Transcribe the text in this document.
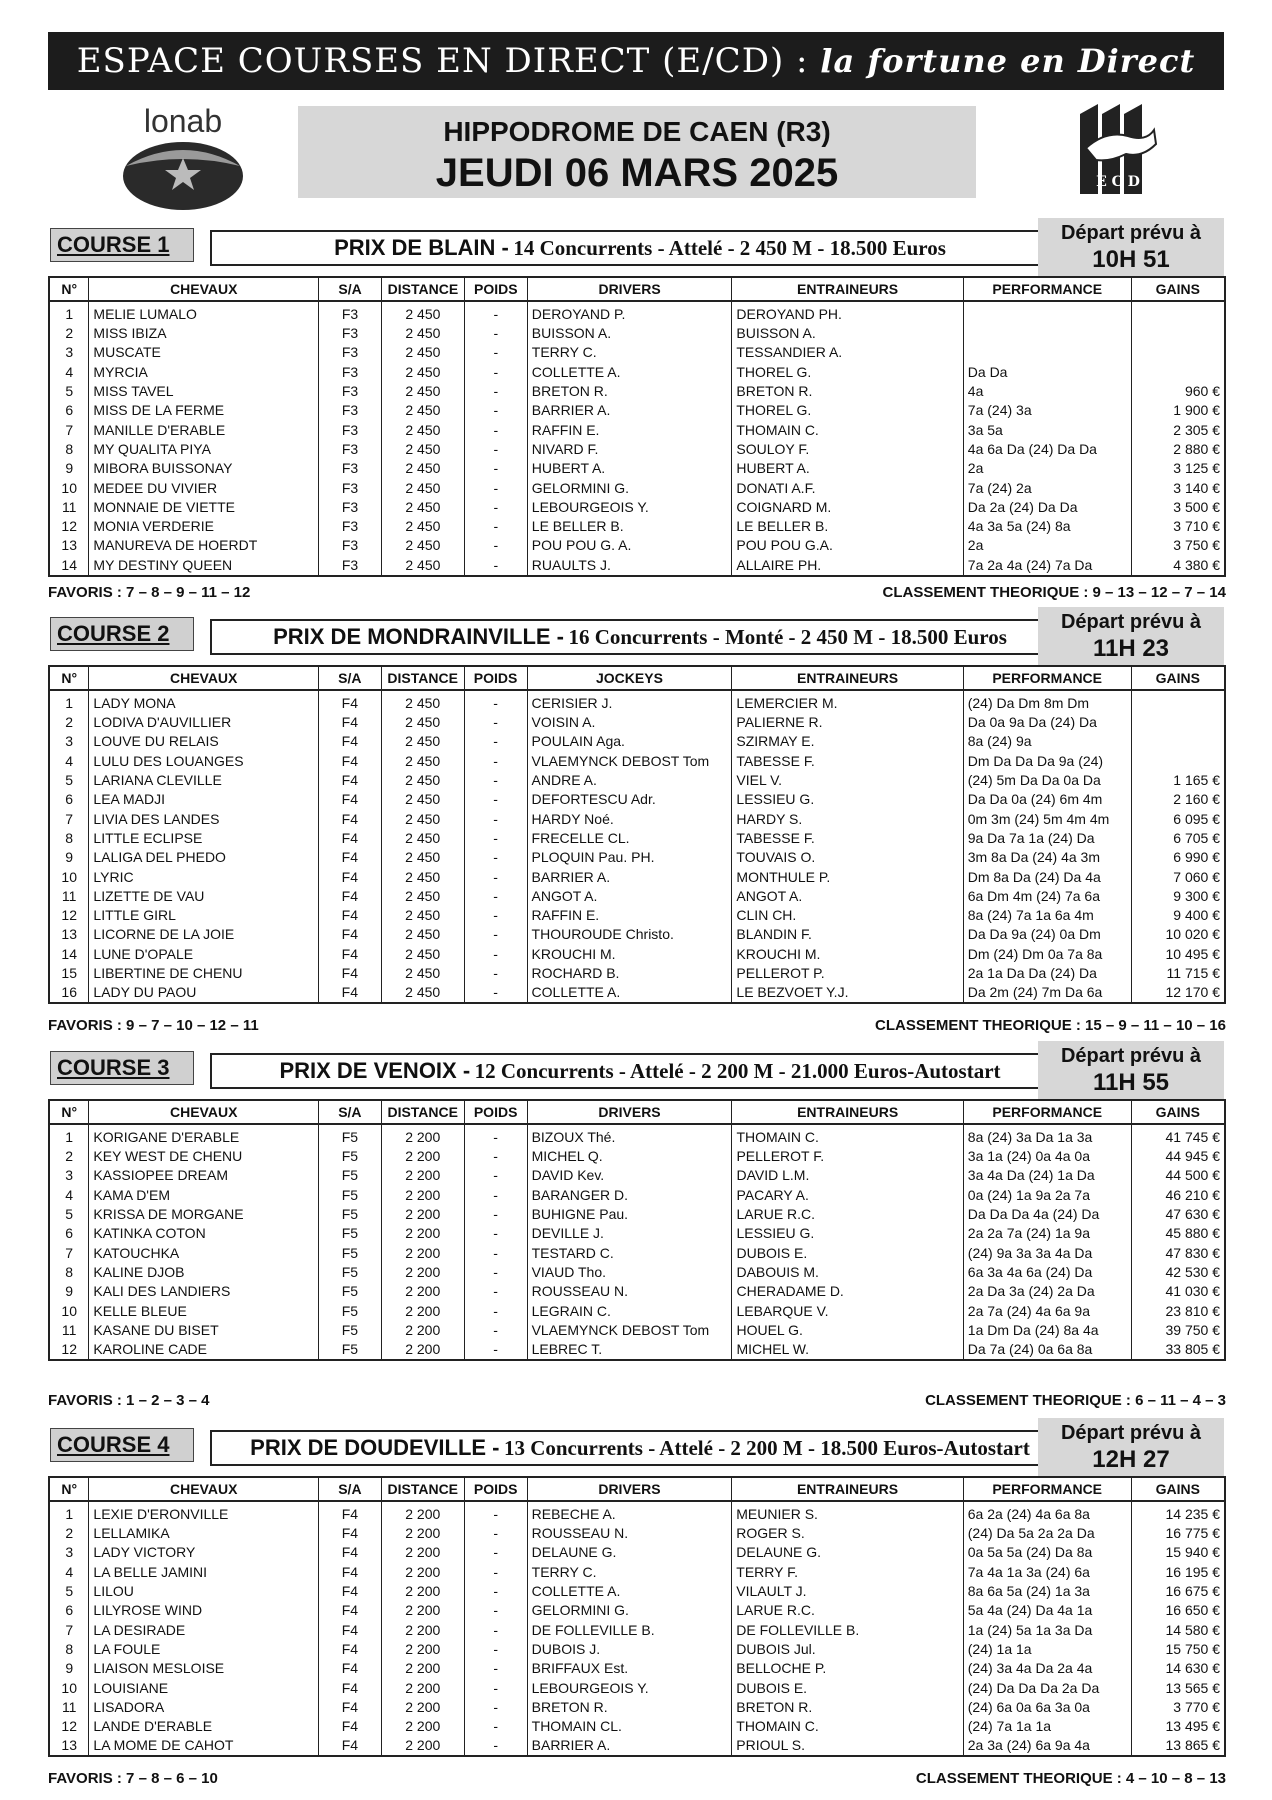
ESPACE COURSES EN DIRECT (E/CD) : la fortune en Direct
lonab	HIPPODROME DE CAEN (R3)
JEUDI 06 MARS 2025	E C D
COURSE 1	PRIX DE BLAIN - 14 Concurrents - Attelé - 2 450 M - 18.500 Euros
Départ prévu à
10H 51
N°	CHEVAUX	S/A	DISTANCE	POIDS	DRIVERS	ENTRAINEURS	PERFORMANCE	GAINS
1	MELIE LUMALO	F3	2 450	-	DEROYAND P.	DEROYAND PH.		
2	MISS IBIZA	F3	2 450	-	BUISSON A.	BUISSON A.		
3	MUSCATE	F3	2 450	-	TERRY C.	TESSANDIER A.		
4	MYRCIA	F3	2 450	-	COLLETTE A.	THOREL G.	Da Da	
5	MISS TAVEL	F3	2 450	-	BRETON R.	BRETON R.	4a	960 €
6	MISS DE LA FERME	F3	2 450	-	BARRIER A.	THOREL G.	7a (24) 3a	1 900 €
7	MANILLE D'ERABLE	F3	2 450	-	RAFFIN E.	THOMAIN C.	3a 5a	2 305 €
8	MY QUALITA PIYA	F3	2 450	-	NIVARD F.	SOULOY F.	4a 6a Da (24) Da Da	2 880 €
9	MIBORA BUISSONAY	F3	2 450	-	HUBERT A.	HUBERT A.	2a	3 125 €
10	MEDEE DU VIVIER	F3	2 450	-	GELORMINI G.	DONATI A.F.	7a (24) 2a	3 140 €
11	MONNAIE DE VIETTE	F3	2 450	-	LEBOURGEOIS Y.	COIGNARD M.	Da 2a (24) Da Da	3 500 €
12	MONIA VERDERIE	F3	2 450	-	LE BELLER B.	LE BELLER B.	4a 3a 5a (24) 8a	3 710 €
13	MANUREVA DE HOERDT	F3	2 450	-	POU POU G. A.	POU POU G.A.	2a	3 750 €
14	MY DESTINY QUEEN	F3	2 450	-	RUAULTS J.	ALLAIRE PH.	7a 2a 4a (24) 7a Da	4 380 €
FAVORIS : 7 – 8 – 9 – 11 – 12	CLASSEMENT THEORIQUE : 9 – 13 – 12 – 7 – 14
COURSE 2	PRIX DE MONDRAINVILLE - 16 Concurrents - Monté - 2 450 M - 18.500 Euros
Départ prévu à
11H 23
N°	CHEVAUX	S/A	DISTANCE	POIDS	JOCKEYS	ENTRAINEURS	PERFORMANCE	GAINS
1	LADY MONA	F4	2 450	-	CERISIER J.	LEMERCIER M.	(24) Da Dm 8m Dm	
2	LODIVA D'AUVILLIER	F4	2 450	-	VOISIN A.	PALIERNE R.	Da 0a 9a Da (24) Da	
3	LOUVE DU RELAIS	F4	2 450	-	POULAIN Aga.	SZIRMAY E.	8a (24) 9a	
4	LULU DES LOUANGES	F4	2 450	-	VLAEMYNCK DEBOST Tom	TABESSE F.	Dm Da Da Da 9a (24)	
5	LARIANA CLEVILLE	F4	2 450	-	ANDRE A.	VIEL V.	(24) 5m Da Da 0a Da	1 165 €
6	LEA MADJI	F4	2 450	-	DEFORTESCU Adr.	LESSIEU G.	Da Da 0a (24) 6m 4m	2 160 €
7	LIVIA DES LANDES	F4	2 450	-	HARDY Noé.	HARDY S.	0m 3m (24) 5m 4m 4m	6 095 €
8	LITTLE ECLIPSE	F4	2 450	-	FRECELLE CL.	TABESSE F.	9a Da 7a 1a (24) Da	6 705 €
9	LALIGA DEL PHEDO	F4	2 450	-	PLOQUIN Pau. PH.	TOUVAIS O.	3m 8a Da (24) 4a 3m	6 990 €
10	LYRIC	F4	2 450	-	BARRIER A.	MONTHULE P.	Dm 8a Da (24) Da 4a	7 060 €
11	LIZETTE DE VAU	F4	2 450	-	ANGOT A.	ANGOT A.	6a Dm 4m (24) 7a 6a	9 300 €
12	LITTLE GIRL	F4	2 450	-	RAFFIN E.	CLIN CH.	8a (24) 7a 1a 6a 4m	9 400 €
13	LICORNE DE LA JOIE	F4	2 450	-	THOUROUDE Christo.	BLANDIN F.	Da Da 9a (24) 0a Dm	10 020 €
14	LUNE D'OPALE	F4	2 450	-	KROUCHI M.	KROUCHI M.	Dm (24) Dm 0a 7a 8a	10 495 €
15	LIBERTINE DE CHENU	F4	2 450	-	ROCHARD B.	PELLEROT P.	2a 1a Da Da (24) Da	11 715 €
16	LADY DU PAOU	F4	2 450	-	COLLETTE A.	LE BEZVOET Y.J.	Da 2m (24) 7m Da 6a	12 170 €
FAVORIS : 9 – 7 – 10 – 12 – 11	CLASSEMENT THEORIQUE : 15 – 9 – 11 – 10 – 16
COURSE 3	PRIX DE VENOIX - 12 Concurrents - Attelé - 2 200 M - 21.000 Euros-Autostart
Départ prévu à
11H 55
N°	CHEVAUX	S/A	DISTANCE	POIDS	DRIVERS	ENTRAINEURS	PERFORMANCE	GAINS
1	KORIGANE D'ERABLE	F5	2 200	-	BIZOUX Thé.	THOMAIN C.	8a (24) 3a Da 1a 3a	41 745 €
2	KEY WEST DE CHENU	F5	2 200	-	MICHEL Q.	PELLEROT F.	3a 1a (24) 0a 4a 0a	44 945 €
3	KASSIOPEE DREAM	F5	2 200	-	DAVID Kev.	DAVID L.M.	3a 4a Da (24) 1a Da	44 500 €
4	KAMA D'EM	F5	2 200	-	BARANGER D.	PACARY A.	0a (24) 1a 9a 2a 7a	46 210 €
5	KRISSA DE MORGANE	F5	2 200	-	BUHIGNE Pau.	LARUE R.C.	Da Da Da 4a (24) Da	47 630 €
6	KATINKA COTON	F5	2 200	-	DEVILLE J.	LESSIEU G.	2a 2a 7a (24) 1a 9a	45 880 €
7	KATOUCHKA	F5	2 200	-	TESTARD C.	DUBOIS E.	(24) 9a 3a 3a 4a Da	47 830 €
8	KALINE DJOB	F5	2 200	-	VIAUD Tho.	DABOUIS M.	6a 3a 4a 6a (24) Da	42 530 €
9	KALI DES LANDIERS	F5	2 200	-	ROUSSEAU N.	CHERADAME D.	2a Da 3a (24) 2a Da	41 030 €
10	KELLE BLEUE	F5	2 200	-	LEGRAIN C.	LEBARQUE V.	2a 7a (24) 4a 6a 9a	23 810 €
11	KASANE DU BISET	F5	2 200	-	VLAEMYNCK DEBOST Tom	HOUEL G.	1a Dm Da (24) 8a 4a	39 750 €
12	KAROLINE CADE	F5	2 200	-	LEBREC T.	MICHEL W.	Da 7a (24) 0a 6a 8a	33 805 €
FAVORIS : 1 – 2 – 3 – 4	CLASSEMENT THEORIQUE : 6 – 11 – 4 – 3
COURSE 4	PRIX DE DOUDEVILLE - 13 Concurrents - Attelé - 2 200 M - 18.500 Euros-Autostart
Départ prévu à
12H 27
N°	CHEVAUX	S/A	DISTANCE	POIDS	DRIVERS	ENTRAINEURS	PERFORMANCE	GAINS
1	LEXIE D'ERONVILLE	F4	2 200	-	REBECHE A.	MEUNIER S.	6a 2a (24) 4a 6a 8a	14 235 €
2	LELLAMIKA	F4	2 200	-	ROUSSEAU N.	ROGER S.	(24) Da 5a 2a 2a Da	16 775 €
3	LADY VICTORY	F4	2 200	-	DELAUNE G.	DELAUNE G.	0a 5a 5a (24) Da 8a	15 940 €
4	LA BELLE JAMINI	F4	2 200	-	TERRY C.	TERRY F.	7a 4a 1a 3a (24) 6a	16 195 €
5	LILOU	F4	2 200	-	COLLETTE A.	VILAULT J.	8a 6a 5a (24) 1a 3a	16 675 €
6	LILYROSE WIND	F4	2 200	-	GELORMINI G.	LARUE R.C.	5a 4a (24) Da 4a 1a	16 650 €
7	LA DESIRADE	F4	2 200	-	DE FOLLEVILLE B.	DE FOLLEVILLE B.	1a (24) 5a 1a 3a Da	14 580 €
8	LA FOULE	F4	2 200	-	DUBOIS J.	DUBOIS Jul.	(24) 1a 1a	15 750 €
9	LIAISON MESLOISE	F4	2 200	-	BRIFFAUX Est.	BELLOCHE P.	(24) 3a 4a Da 2a 4a	14 630 €
10	LOUISIANE	F4	2 200	-	LEBOURGEOIS Y.	DUBOIS E.	(24) Da Da Da 2a Da	13 565 €
11	LISADORA	F4	2 200	-	BRETON R.	BRETON R.	(24) 6a 0a 6a 3a 0a	3 770 €
12	LANDE D'ERABLE	F4	2 200	-	THOMAIN CL.	THOMAIN C.	(24) 7a 1a 1a	13 495 €
13	LA MOME DE CAHOT	F4	2 200	-	BARRIER A.	PRIOUL S.	2a 3a (24) 6a 9a 4a	13 865 €
FAVORIS : 7 – 8 – 6 – 10	CLASSEMENT THEORIQUE : 4 – 10 – 8 – 13
